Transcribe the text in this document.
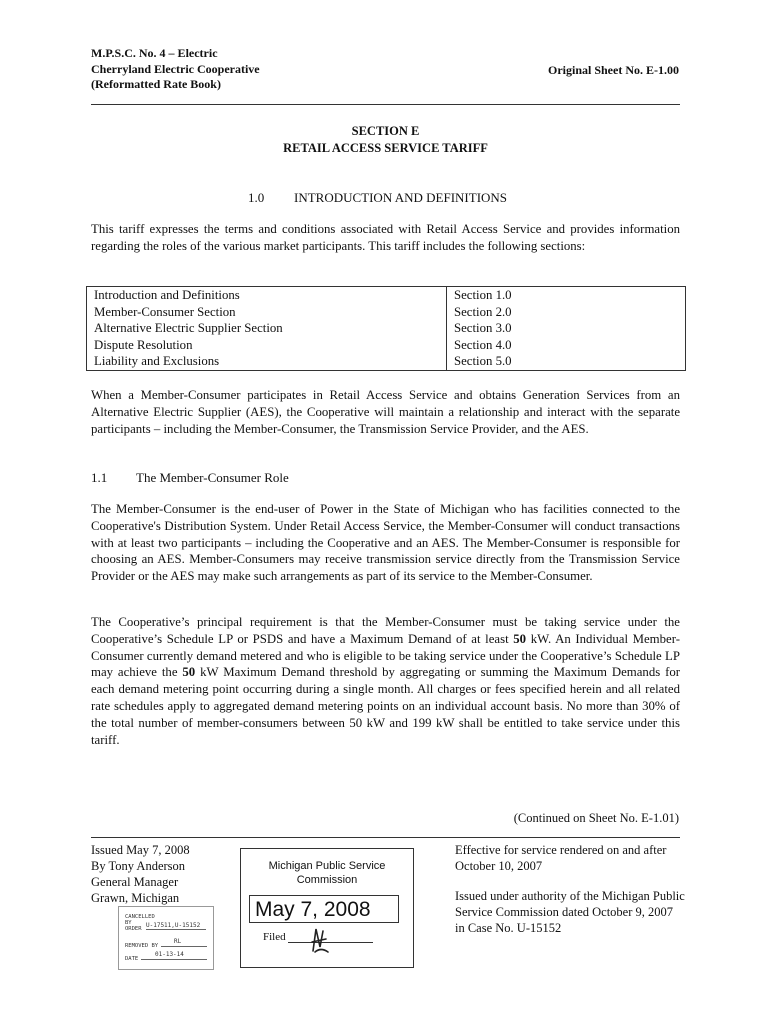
M.P.S.C. No. 4 – Electric
Cherryland Electric Cooperative
(Reformatted Rate Book)
Original Sheet No. E-1.00
SECTION E
RETAIL ACCESS SERVICE TARIFF
1.0 INTRODUCTION AND DEFINITIONS
This tariff expresses the terms and conditions associated with Retail Access Service and provides information regarding the roles of the various market participants. This tariff includes the following sections:
Introduction and Definitions	Section 1.0
Member-Consumer Section	Section 2.0
Alternative Electric Supplier Section	Section 3.0
Dispute Resolution	Section 4.0
Liability and Exclusions	Section 5.0
When a Member-Consumer participates in Retail Access Service and obtains Generation Services from an Alternative Electric Supplier (AES), the Cooperative will maintain a relationship and interact with the separate participants – including the Member-Consumer, the Transmission Service Provider, and the AES.
1.1 The Member-Consumer Role
The Member-Consumer is the end-user of Power in the State of Michigan who has facilities connected to the Cooperative's Distribution System. Under Retail Access Service, the Member-Consumer will conduct transactions with at least two participants – including the Cooperative and an AES. The Member-Consumer is responsible for choosing an AES. Member-Consumers may receive transmission service directly from the Transmission Service Provider or the AES may make such arrangements as part of its service to the Member-Consumer.
The Cooperative’s principal requirement is that the Member-Consumer must be taking service under the Cooperative’s Schedule LP or PSDS and have a Maximum Demand of at least 50 kW. An Individual Member-Consumer currently demand metered and who is eligible to be taking service under the Cooperative’s Schedule LP may achieve the 50 kW Maximum Demand threshold by aggregating or summing the Maximum Demands for each demand metering point occurring during a single month. All charges or fees specified herein and all related rate schedules apply to aggregated demand metering points on an individual account basis. No more than 30% of the total number of member-consumers between 50 kW and 199 kW shall be entitled to take service under this tariff.
(Continued on Sheet No. E-1.01)
Issued May 7, 2008
By Tony Anderson
General Manager
Grawn, Michigan
CANCELLED
BY
ORDER U-17511,U-15152
REMOVED BY
RL
DATE
01-13-14
Michigan Public Service
Commission
May 7, 2008
Filed
Effective for service rendered on and after
October 10, 2007
Issued under authority of the Michigan Public Service Commission dated October 9, 2007 in Case No. U-15152
